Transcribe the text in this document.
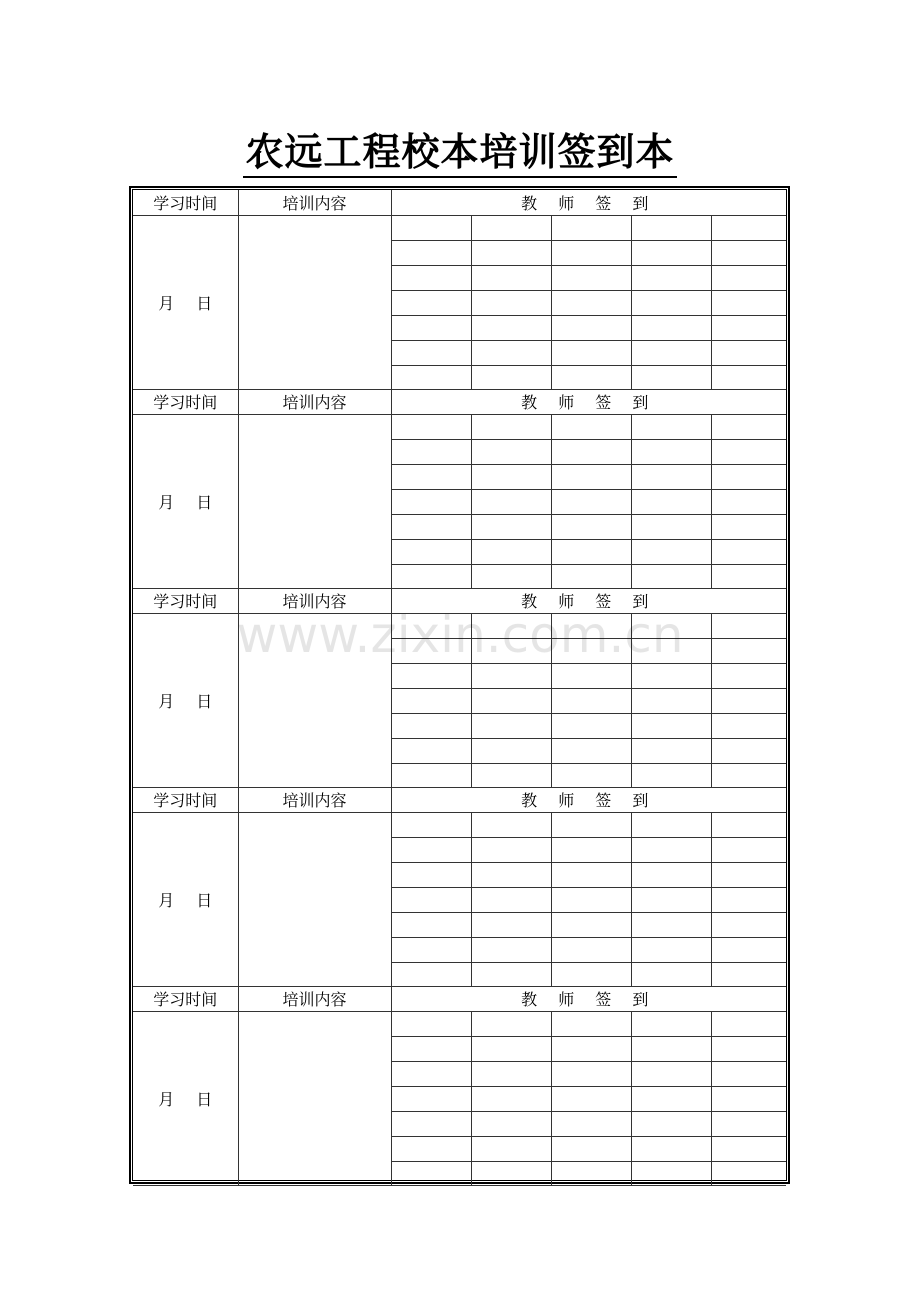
农远工程校本培训签到本
学习时间	培训内容	教 师 签 到				
月 日						

学习时间	培训内容	教 师 签 到				
月 日						

学习时间	培训内容	教 师 签 到				
月 日						

学习时间	培训内容	教 师 签 到				
月 日						

学习时间	培训内容	教 师 签 到				
月 日						

www.zixin.com.cn
